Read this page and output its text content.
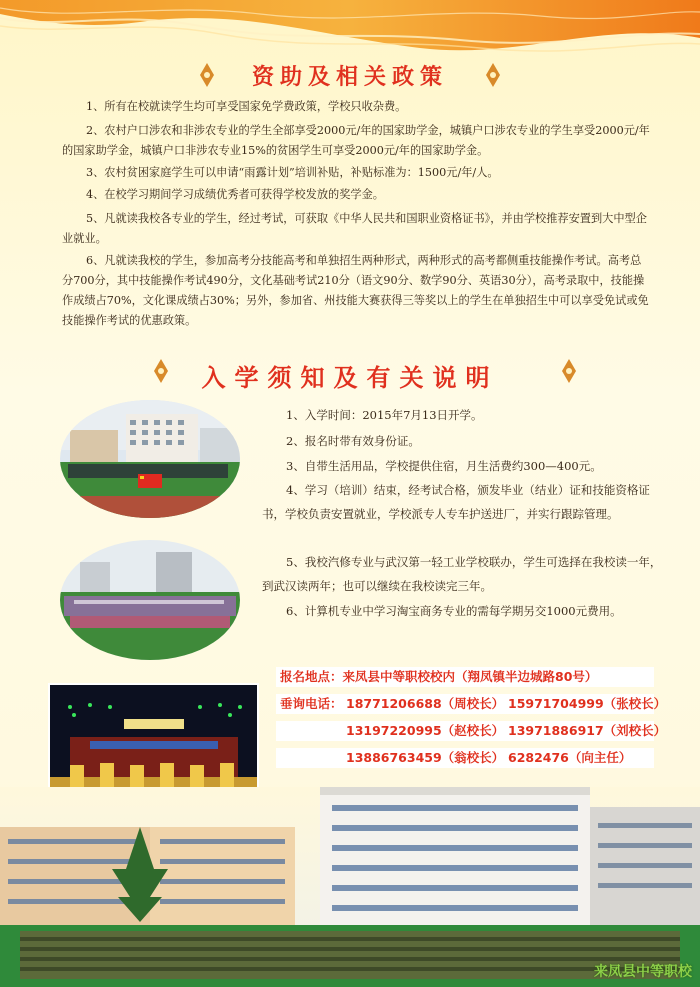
资助及相关政策

1、所有在校就读学生均可享受国家免学费政策，学校只收杂费。

2、农村户口涉农和非涉农专业的学生全部享受2000元/年的国家助学金，城镇户口涉农专业的学生享受2000元/年的国家助学金，城镇户口非涉农专业15%的贫困学生可享受2000元/年的国家助学金。

3、农村贫困家庭学生可以申请“雨露计划”培训补贴，补贴标准为：1500元/年/人。

4、在校学习期间学习成绩优秀者可获得学校发放的奖学金。

5、凡就读我校各专业的学生，经过考试，可获取《中华人民共和国职业资格证书》，并由学校推荐安置到大中型企业就业。

6、凡就读我校的学生，参加高考分技能高考和单独招生两种形式，两种形式的高考都侧重技能操作考试。高考总分700分，其中技能操作考试490分，文化基础考试210分（语文90分、数学90分、英语30分），高考录取中，技能操作成绩占70%，文化课成绩占30%；另外，参加省、州技能大赛获得三等奖以上的学生在单独招生中可以享受免试或免技能操作考试的优惠政策。

入学须知及有关说明

1、入学时间：2015年7月13日开学。

2、报名时带有效身份证。

3、自带生活用品，学校提供住宿，月生活费约300—400元。

4、学习（培训）结束，经考试合格，颁发毕业（结业）证和技能资格证书，学校负责安置就业，学校派专人专车护送进厂，并实行跟踪管理。

5、我校汽修专业与武汉第一轻工业学校联办，学生可选择在我校读一年，到武汉读两年；也可以继续在我校读完三年。

6、计算机专业中学习淘宝商务专业的需每学期另交1000元费用。

报名地点：来凤县中等职校校内（翔凤镇半边城路80号）
垂询电话： 18771206688（周校长） 15971704999（张校长）
13197220995（赵校长） 13971886917（刘校长）
13886763459（翁校长） 6282476（向主任）
来凤县中等职校
